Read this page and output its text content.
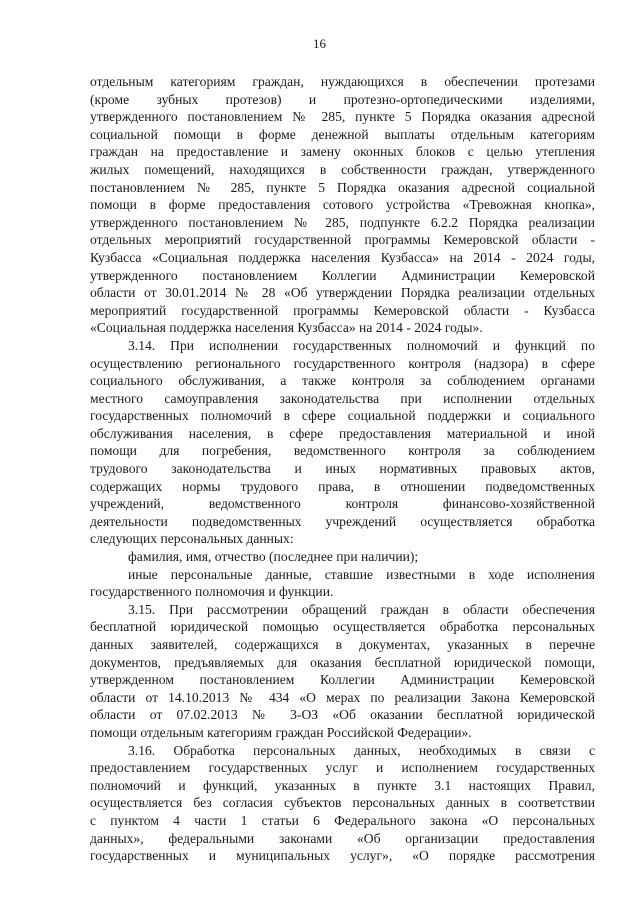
16
отдельным категориям граждан, нуждающихся в обеспечении протезами
(кроме зубных протезов) и протезно-ортопедическими изделиями,
утвержденного постановлением № 285, пункте 5 Порядка оказания адресной
социальной помощи в форме денежной выплаты отдельным категориям
граждан на предоставление и замену оконных блоков с целью утепления
жилых помещений, находящихся в собственности граждан, утвержденного
постановлением № 285, пункте 5 Порядка оказания адресной социальной
помощи в форме предоставления сотового устройства «Тревожная кнопка»,
утвержденного постановлением № 285, подпункте 6.2.2 Порядка реализации
отдельных мероприятий государственной программы Кемеровской области -
Кузбасса «Социальная поддержка населения Кузбасса» на 2014 - 2024 годы,
утвержденного постановлением Коллегии Администрации Кемеровской
области от 30.01.2014 № 28 «Об утверждении Порядка реализации отдельных
мероприятий государственной программы Кемеровской области - Кузбасса
«Социальная поддержка населения Кузбасса» на 2014 - 2024 годы».
3.14. При исполнении государственных полномочий и функций по
осуществлению регионального государственного контроля (надзора) в сфере
социального обслуживания, а также контроля за соблюдением органами
местного самоуправления законодательства при исполнении отдельных
государственных полномочий в сфере социальной поддержки и социального
обслуживания населения, в сфере предоставления материальной и иной
помощи для погребения, ведомственного контроля за соблюдением
трудового законодательства и иных нормативных правовых актов,
содержащих нормы трудового права, в отношении подведомственных
учреждений, ведомственного контроля финансово-хозяйственной
деятельности подведомственных учреждений осуществляется обработка
следующих персональных данных:
фамилия, имя, отчество (последнее при наличии);
иные персональные данные, ставшие известными в ходе исполнения
государственного полномочия и функции.
3.15. При рассмотрении обращений граждан в области обеспечения
бесплатной юридической помощью осуществляется обработка персональных
данных заявителей, содержащихся в документах, указанных в перечне
документов, предъявляемых для оказания бесплатной юридической помощи,
утвержденном постановлением Коллегии Администрации Кемеровской
области от 14.10.2013 № 434 «О мерах по реализации Закона Кемеровской
области от 07.02.2013 № 3-ОЗ «Об оказании бесплатной юридической
помощи отдельным категориям граждан Российской Федерации».
3.16. Обработка персональных данных, необходимых в связи с
предоставлением государственных услуг и исполнением государственных
полномочий и функций, указанных в пункте 3.1 настоящих Правил,
осуществляется без согласия субъектов персональных данных в соответствии
с пунктом 4 части 1 статьи 6 Федерального закона «О персональных
данных», федеральными законами «Об организации предоставления
государственных и муниципальных услуг», «О порядке рассмотрения
